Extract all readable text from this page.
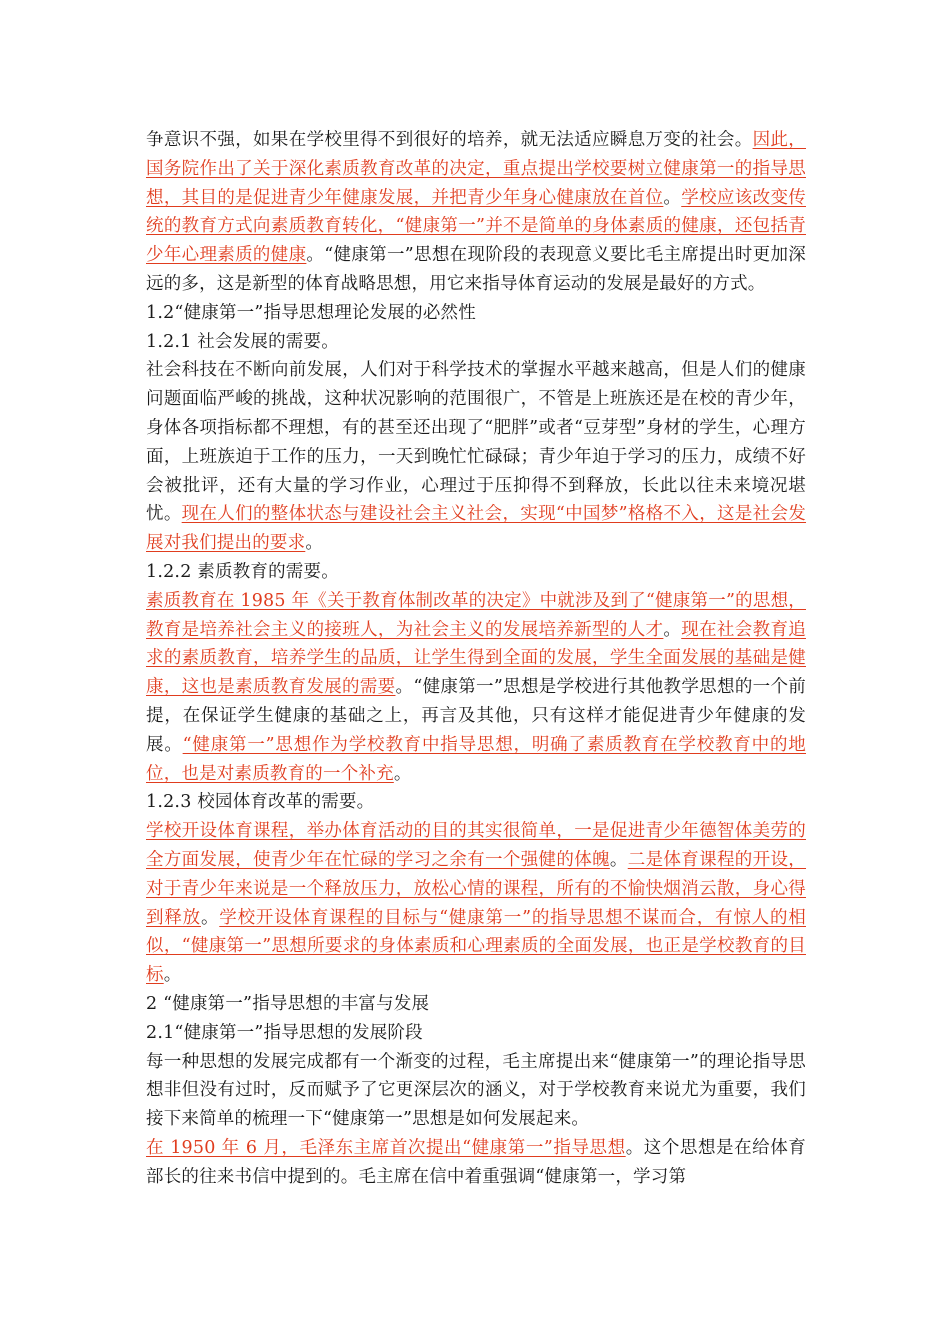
争意识不强，如果在学校里得不到很好的培养，就无法适应瞬息万变的社会。因此，国务院作出了关于深化素质教育改革的决定，重点提出学校要树立健康第一的指导思想，其目的是促进青少年健康发展，并把青少年身心健康放在首位。学校应该改变传统的教育方式向素质教育转化，“健康第一”并不是简单的身体素质的健康，还包括青少年心理素质的健康。“健康第一”思想在现阶段的表现意义要比毛主席提出时更加深远的多，这是新型的体育战略思想，用它来指导体育运动的发展是最好的方式。

1.2“健康第一”指导思想理论发展的必然性

1.2.1 社会发展的需要。

社会科技在不断向前发展，人们对于科学技术的掌握水平越来越高，但是人们的健康问题面临严峻的挑战，这种状况影响的范围很广，不管是上班族还是在校的青少年，身体各项指标都不理想，有的甚至还出现了“肥胖”或者“豆芽型”身材的学生，心理方面，上班族迫于工作的压力，一天到晚忙忙碌碌；青少年迫于学习的压力，成绩不好会被批评，还有大量的学习作业，心理过于压抑得不到释放，长此以往未来境况堪忧。现在人们的整体状态与建设社会主义社会，实现“中国梦”格格不入，这是社会发展对我们提出的要求。

1.2.2 素质教育的需要。

素质教育在 1985 年《关于教育体制改革的决定》中就涉及到了“健康第一”的思想，教育是培养社会主义的接班人，为社会主义的发展培养新型的人才。现在社会教育追求的素质教育，培养学生的品质，让学生得到全面的发展，学生全面发展的基础是健康，这也是素质教育发展的需要。“健康第一”思想是学校进行其他教学思想的一个前提，在保证学生健康的基础之上，再言及其他，只有这样才能促进青少年健康的发展。“健康第一”思想作为学校教育中指导思想，明确了素质教育在学校教育中的地位，也是对素质教育的一个补充。

1.2.3 校园体育改革的需要。

学校开设体育课程，举办体育活动的目的其实很简单，一是促进青少年德智体美劳的全方面发展，使青少年在忙碌的学习之余有一个强健的体魄。二是体育课程的开设，对于青少年来说是一个释放压力，放松心情的课程，所有的不愉快烟消云散，身心得到释放。学校开设体育课程的目标与“健康第一”的指导思想不谋而合，有惊人的相似，“健康第一”思想所要求的身体素质和心理素质的全面发展，也正是学校教育的目标。

2 “健康第一”指导思想的丰富与发展

2.1“健康第一”指导思想的发展阶段

每一种思想的发展完成都有一个渐变的过程，毛主席提出来“健康第一”的理论指导思想非但没有过时，反而赋予了它更深层次的涵义，对于学校教育来说尤为重要，我们接下来简单的梳理一下“健康第一”思想是如何发展起来。

在 1950 年 6 月，毛泽东主席首次提出“健康第一”指导思想。这个思想是在给体育部长的往来书信中提到的。毛主席在信中着重强调“健康第一，学习第
